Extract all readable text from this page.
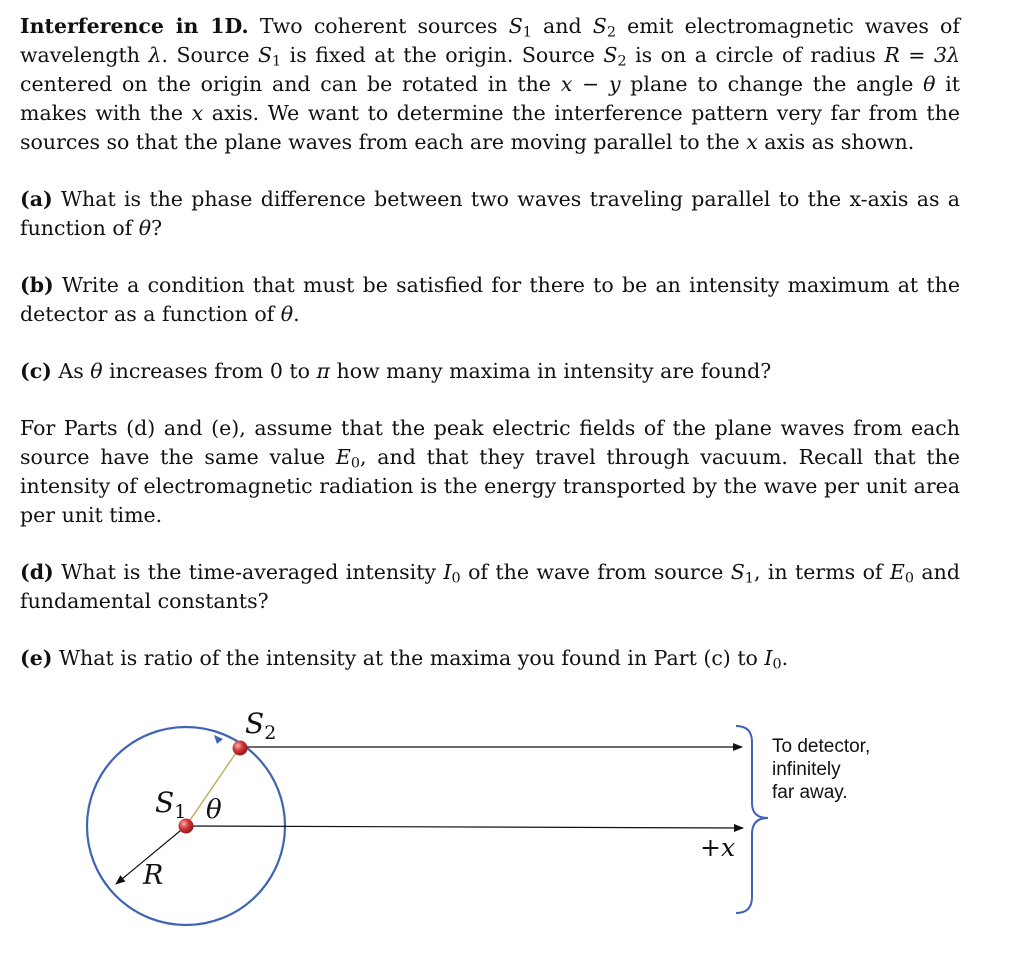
Interference in 1D. Two coherent sources $S_1$ and $S_2$ emit electromagnetic waves of wavelength λ. Source $S_1$ is fixed at the origin. Source $S_2$ is on a circle of radius R = 3λ centered on the origin and can be rotated in the x − y plane to change the angle θ it makes with the x axis. We want to determine the interference pattern very far from the sources so that the plane waves from each are moving parallel to the x axis as shown.

(a) What is the phase difference between two waves traveling parallel to the x-axis as a function of θ?

(b) Write a condition that must be satisfied for there to be an intensity maximum at the detector as a function of θ.

(c) As θ increases from 0 to π how many maxima in intensity are found?

For Parts (d) and (e), assume that the peak electric fields of the plane waves from each source have the same value $E_0$, and that they travel through vacuum. Recall that the intensity of electromagnetic radiation is the energy transported by the wave per unit area per unit time.

(d) What is the time-averaged intensity $I_0$ of the wave from source $S_1$, in terms of $E_0$ and fundamental constants?

(e) What is ratio of the intensity at the maxima you found in Part (c) to $I_0$.

$S_2$
$S_1$ θ
R
+x
To detector,
infinitely
far away.
